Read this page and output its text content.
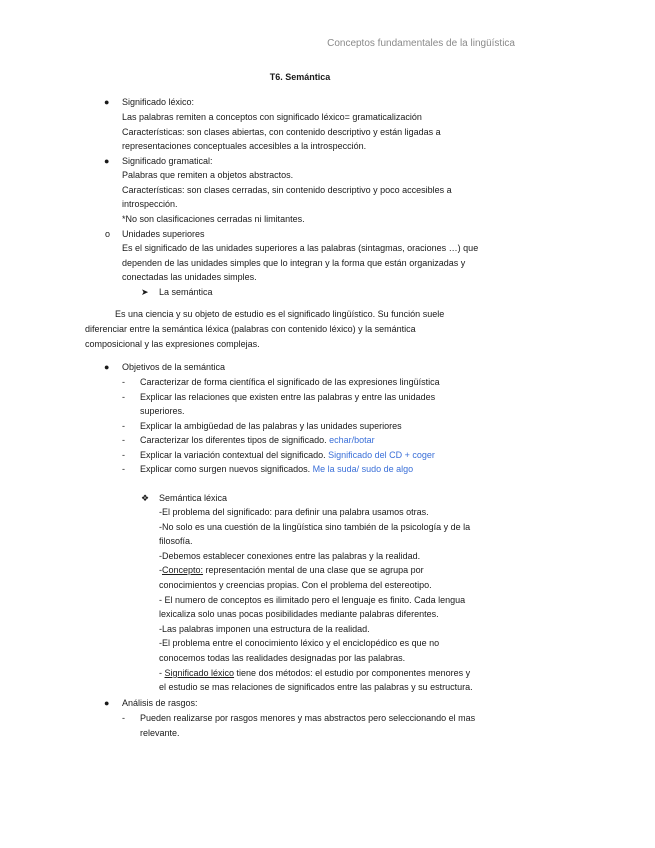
Conceptos fundamentales de la lingüística
T6. Semántica
● Significado léxico:
Las palabras remiten a conceptos con significado léxico= gramaticalización
Características: son clases abiertas, con contenido descriptivo y están ligadas a
representaciones conceptuales accesibles a la introspección.
● Significado gramatical:
Palabras que remiten a objetos abstractos.
Características: son clases cerradas, sin contenido descriptivo y poco accesibles a
introspección.
*No son clasificaciones cerradas ni limitantes.
o Unidades superiores
Es el significado de las unidades superiores a las palabras (sintagmas, oraciones …) que
dependen de las unidades simples que lo integran y la forma que están organizadas y
conectadas las unidades simples.
➤ La semántica
Es una ciencia y su objeto de estudio es el significado lingüístico. Su función suele
diferenciar entre la semántica léxica (palabras con contenido léxico) y la semántica
composicional y las expresiones complejas.
● Objetivos de la semántica
- Caracterizar de forma científica el significado de las expresiones lingüística
- Explicar las relaciones que existen entre las palabras y entre las unidades
superiores.
- Explicar la ambigüedad de las palabras y las unidades superiores
- Caracterizar los diferentes tipos de significado. echar/botar
- Explicar la variación contextual del significado. Significado del CD + coger
- Explicar como surgen nuevos significados. Me la suda/ sudo de algo
❖ Semántica léxica
-El problema del significado: para definir una palabra usamos otras.
-No solo es una cuestión de la lingüística sino también de la psicología y de la
filosofía.
-Debemos establecer conexiones entre las palabras y la realidad.
-Concepto: representación mental de una clase que se agrupa por
conocimientos y creencias propias. Con el problema del estereotipo.
- El numero de conceptos es ilimitado pero el lenguaje es finito. Cada lengua
lexicaliza solo unas pocas posibilidades mediante palabras diferentes.
-Las palabras imponen una estructura de la realidad.
-El problema entre el conocimiento léxico y el enciclopédico es que no
conocemos todas las realidades designadas por las palabras.
- Significado léxico tiene dos métodos: el estudio por componentes menores y
el estudio se mas relaciones de significados entre las palabras y su estructura.
● Análisis de rasgos:
- Pueden realizarse por rasgos menores y mas abstractos pero seleccionando el mas
relevante.
